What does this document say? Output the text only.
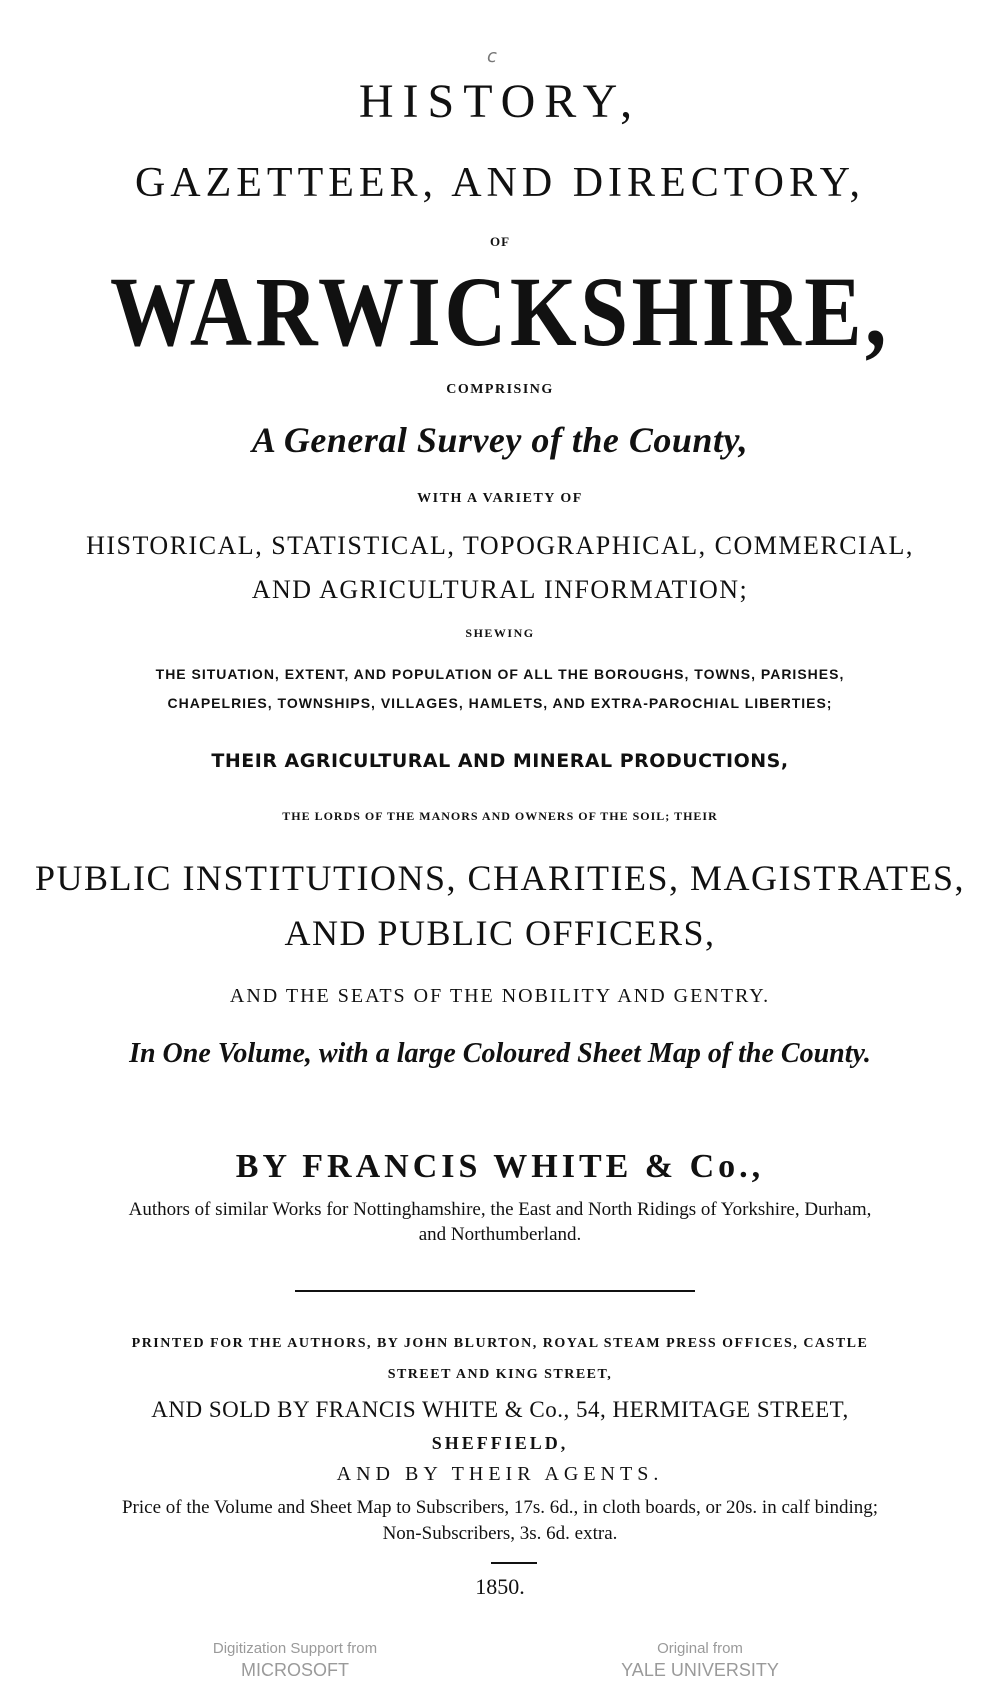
c
HISTORY,
GAZETTEER, AND DIRECTORY,
OF
WARWICKSHIRE,
COMPRISING
A General Survey of the County,
WITH A VARIETY OF
HISTORICAL, STATISTICAL, TOPOGRAPHICAL, COMMERCIAL,
AND AGRICULTURAL INFORMATION;
SHEWING
THE SITUATION, EXTENT, AND POPULATION OF ALL THE BOROUGHS, TOWNS, PARISHES,
CHAPELRIES, TOWNSHIPS, VILLAGES, HAMLETS, AND EXTRA-PAROCHIAL LIBERTIES;
THEIR AGRICULTURAL AND MINERAL PRODUCTIONS,
THE LORDS OF THE MANORS AND OWNERS OF THE SOIL; THEIR
PUBLIC INSTITUTIONS, CHARITIES, MAGISTRATES,
AND PUBLIC OFFICERS,
AND THE SEATS OF THE NOBILITY AND GENTRY.
In One Volume, with a large Coloured Sheet Map of the County.
BY FRANCIS WHITE & Co.,
Authors of similar Works for Nottinghamshire, the East and North Ridings of Yorkshire, Durham,
and Northumberland.
PRINTED FOR THE AUTHORS, BY JOHN BLURTON, ROYAL STEAM PRESS OFFICES, CASTLE
STREET AND KING STREET,
AND SOLD BY FRANCIS WHITE & Co., 54, HERMITAGE STREET,
SHEFFIELD,
AND BY THEIR AGENTS.
Price of the Volume and Sheet Map to Subscribers, 17s. 6d., in cloth boards, or 20s. in calf binding;
Non-Subscribers, 3s. 6d. extra.
1850.
Digitization Support from
MICROSOFT
Original from
YALE UNIVERSITY
